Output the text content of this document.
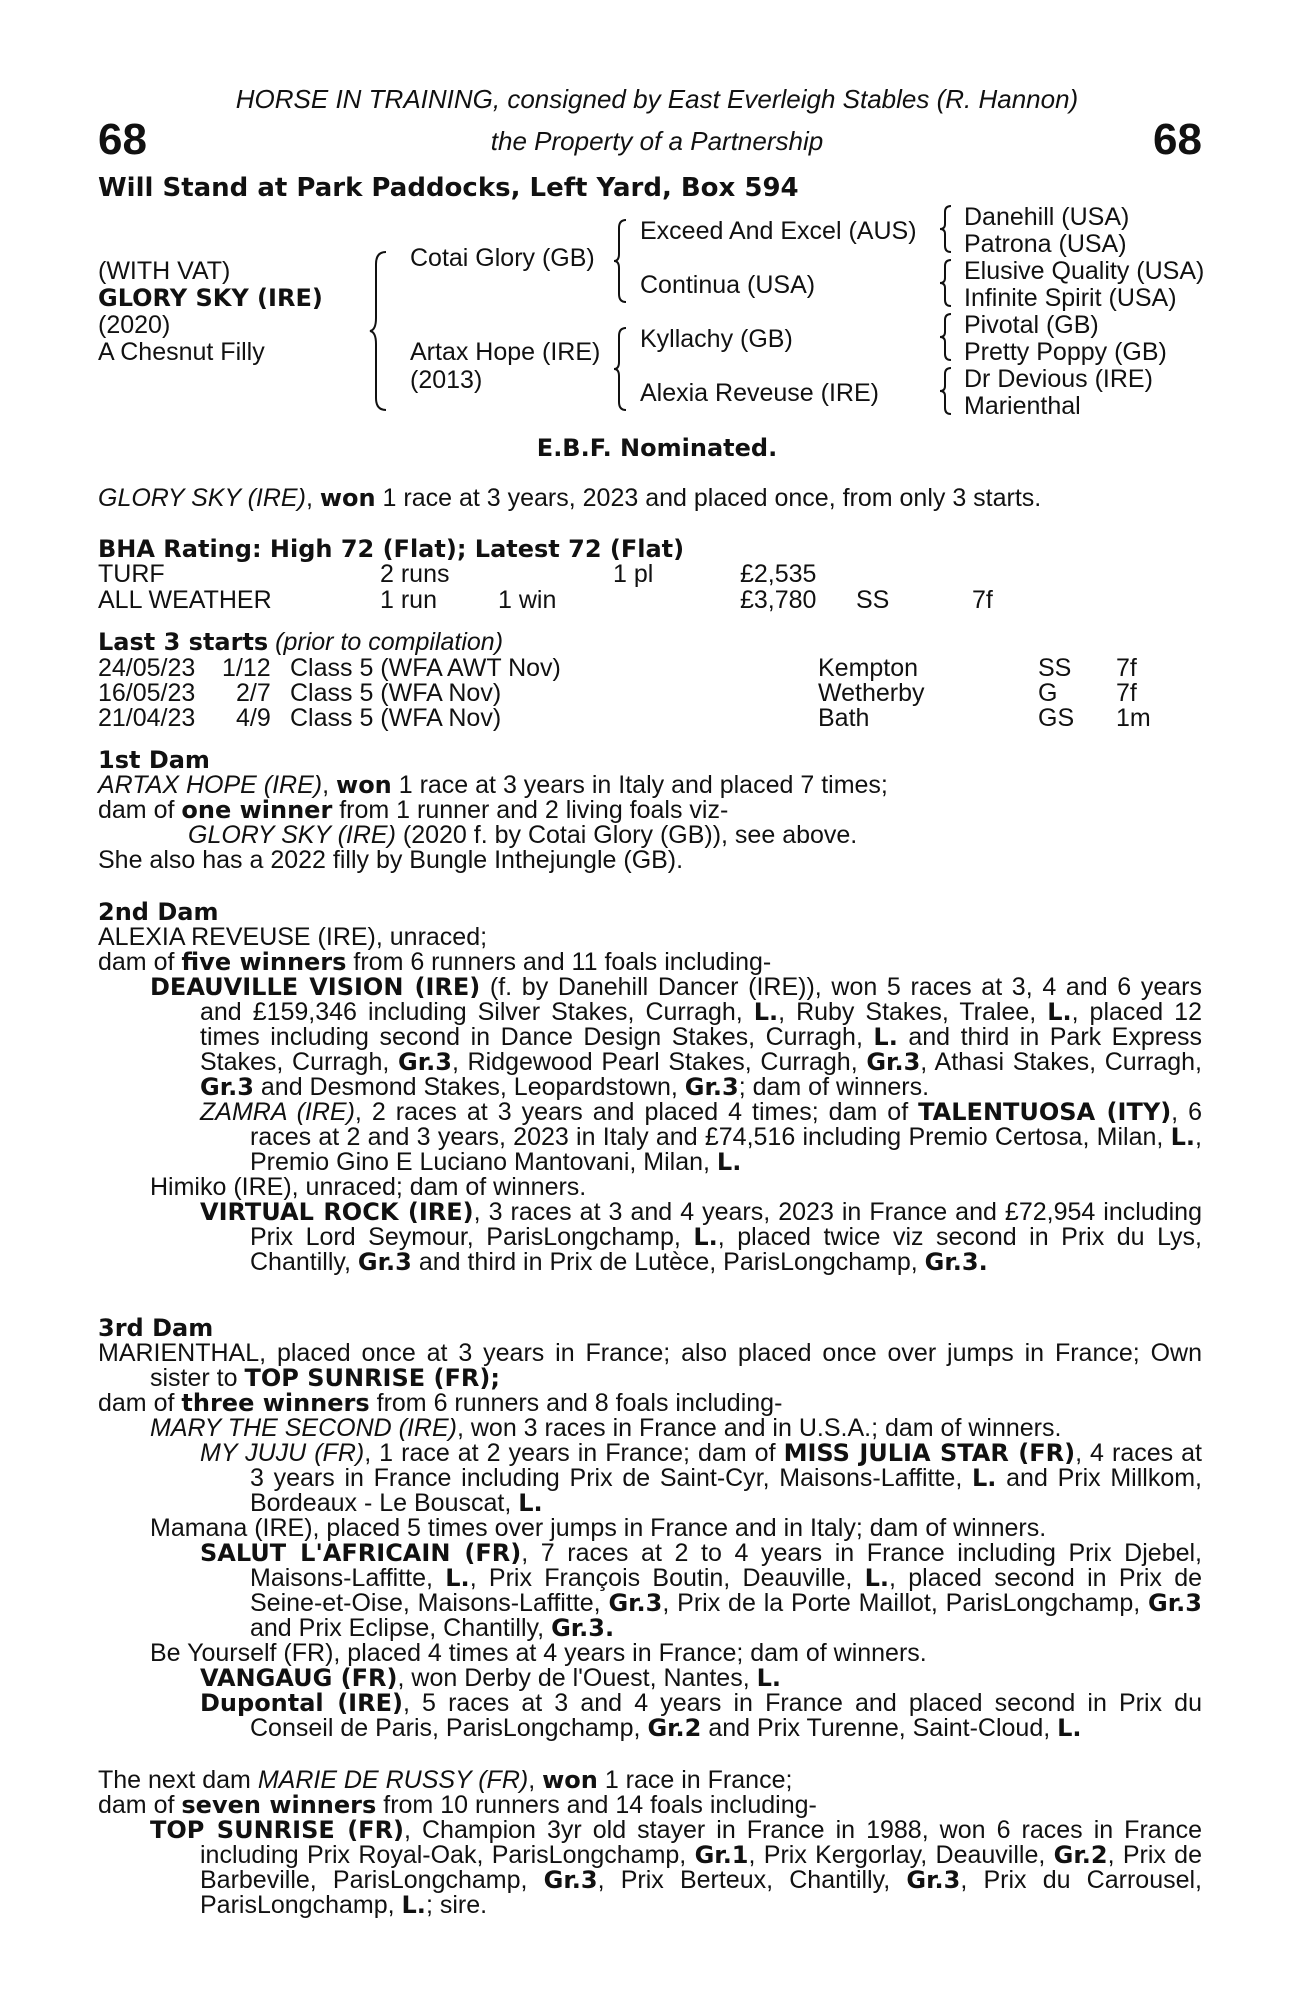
68	68
HORSE IN TRAINING, consigned by East Everleigh Stables (R. Hannon)
the Property of a Partnership
Will Stand at Park Paddocks, Left Yard, Box 594
(WITH VAT)
GLORY SKY (IRE)
(2020)
A Chesnut Filly
Cotai Glory (GB)
Artax Hope (IRE)
(2013)
Exceed And Excel (AUS)
Continua (USA)
Kyllachy (GB)
Alexia Reveuse (IRE)
Danehill (USA)
Patrona (USA)
Elusive Quality (USA)
Infinite Spirit (USA)
Pivotal (GB)
Pretty Poppy (GB)
Dr Devious (IRE)
Marienthal
E.B.F. Nominated.
GLORY SKY (IRE), won 1 race at 3 years, 2023 and placed once, from only 3 starts.
BHA Rating: High 72 (Flat); Latest 72 (Flat)
TURF	2 runs	1 pl	£2,535
ALL WEATHER	1 run 1 win	£3,780 SS	7f
Last 3 starts (prior to compilation)
24/05/23 1/12 Class 5 (WFA AWT Nov)	Kempton	SS 7f
16/05/23 2/7 Class 5 (WFA Nov)	Wetherby	G 7f
21/04/23 4/9 Class 5 (WFA Nov)	Bath	GS 1m

1st Dam

ARTAX HOPE (IRE), won 1 race at 3 years in Italy and placed 7 times;

dam of one winner from 1 runner and 2 living foals viz-

GLORY SKY (IRE) (2020 f. by Cotai Glory (GB)), see above.

She also has a 2022 filly by Bungle Inthejungle (GB).

2nd Dam

ALEXIA REVEUSE (IRE), unraced;

dam of five winners from 6 runners and 11 foals including-

DEAUVILLE VISION (IRE) (f. by Danehill Dancer (IRE)), won 5 races at 3, 4 and 6 years and £159,346 including Silver Stakes, Curragh, L., Ruby Stakes, Tralee, L., placed 12 times including second in Dance Design Stakes, Curragh, L. and third in Park Express Stakes, Curragh, Gr.3, Ridgewood Pearl Stakes, Curragh, Gr.3, Athasi Stakes, Curragh, Gr.3 and Desmond Stakes, Leopardstown, Gr.3; dam of winners.

ZAMRA (IRE), 2 races at 3 years and placed 4 times; dam of TALENTUOSA (ITY), 6 races at 2 and 3 years, 2023 in Italy and £74,516 including Premio Certosa, Milan, L., Premio Gino E Luciano Mantovani, Milan, L.

Himiko (IRE), unraced; dam of winners.

VIRTUAL ROCK (IRE), 3 races at 3 and 4 years, 2023 in France and £72,954 including Prix Lord Seymour, ParisLongchamp, L., placed twice viz second in Prix du Lys, Chantilly, Gr.3 and third in Prix de Lutèce, ParisLongchamp, Gr.3.

3rd Dam

MARIENTHAL, placed once at 3 years in France; also placed once over jumps in France; Own sister to TOP SUNRISE (FR);

dam of three winners from 6 runners and 8 foals including-

MARY THE SECOND (IRE), won 3 races in France and in U.S.A.; dam of winners.

MY JUJU (FR), 1 race at 2 years in France; dam of MISS JULIA STAR (FR), 4 races at 3 years in France including Prix de Saint-Cyr, Maisons-Laffitte, L. and Prix Millkom, Bordeaux - Le Bouscat, L.

Mamana (IRE), placed 5 times over jumps in France and in Italy; dam of winners.

SALUT L'AFRICAIN (FR), 7 races at 2 to 4 years in France including Prix Djebel, Maisons-Laffitte, L., Prix François Boutin, Deauville, L., placed second in Prix de Seine-et-Oise, Maisons-Laffitte, Gr.3, Prix de la Porte Maillot, ParisLongchamp, Gr.3 and Prix Eclipse, Chantilly, Gr.3.

Be Yourself (FR), placed 4 times at 4 years in France; dam of winners.

VANGAUG (FR), won Derby de l'Ouest, Nantes, L.

Dupontal (IRE), 5 races at 3 and 4 years in France and placed second in Prix du Conseil de Paris, ParisLongchamp, Gr.2 and Prix Turenne, Saint-Cloud, L.

The next dam MARIE DE RUSSY (FR), won 1 race in France;

dam of seven winners from 10 runners and 14 foals including-

TOP SUNRISE (FR), Champion 3yr old stayer in France in 1988, won 6 races in France including Prix Royal-Oak, ParisLongchamp, Gr.1, Prix Kergorlay, Deauville, Gr.2, Prix de Barbeville, ParisLongchamp, Gr.3, Prix Berteux, Chantilly, Gr.3, Prix du Carrousel, ParisLongchamp, L.; sire.
